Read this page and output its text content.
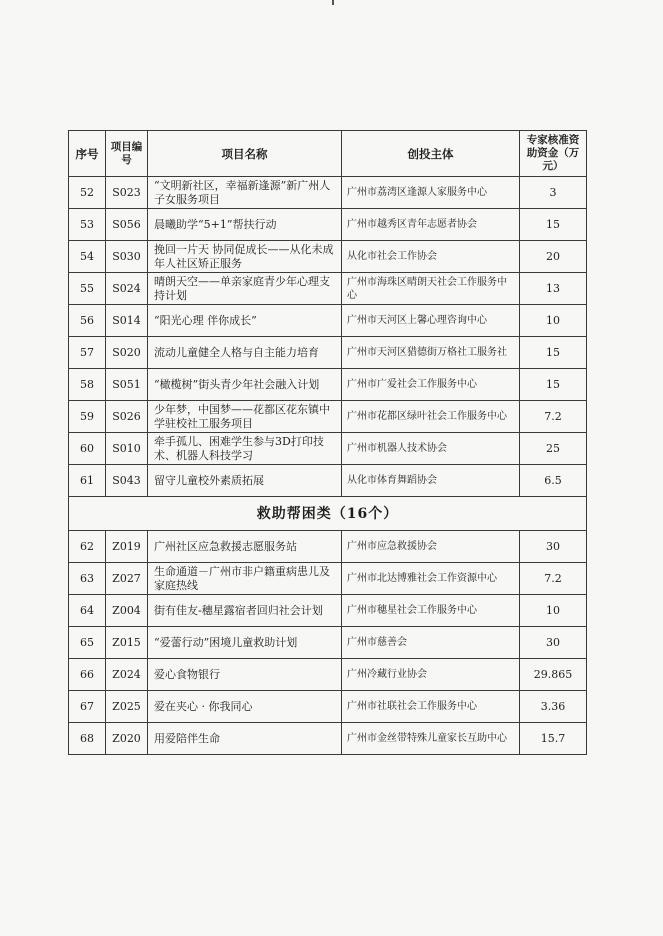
序号	项目编号	项目名称	创投主体	专家核准资助资金（万元）
52	S023	“文明新社区，幸福新逢源”新广州人子女服务项目	广州市荔湾区逢源人家服务中心	3
53	S056	晨曦助学“5+1”帮扶行动	广州市越秀区青年志愿者协会	15
54	S030	挽回一片天 协同促成长——从化未成年人社区矫正服务	从化市社会工作协会	20
55	S024	晴朗天空——单亲家庭青少年心理支持计划	广州市海珠区晴朗天社会工作服务中心	13
56	S014	“阳光心理 伴你成长”	广州市天河区上馨心理咨询中心	10
57	S020	流动儿童健全人格与自主能力培育	广州市天河区猎德街万格社工服务社	15
58	S051	“橄榄树”街头青少年社会融入计划	广州市广爱社会工作服务中心	15
59	S026	少年梦，中国梦——花都区花东镇中学驻校社工服务项目	广州市花都区绿叶社会工作服务中心	7.2
60	S010	牵手孤儿、困难学生参与3D打印技术、机器人科技学习	广州市机器人技术协会	25
61	S043	留守儿童校外素质拓展	从化市体育舞蹈协会	6.5
救助帮困类（16个）				
62	Z019	广州社区应急救援志愿服务站	广州市应急救援协会	30
63	Z027	生命通道－广州市非户籍重病患儿及家庭热线	广州市北达博雅社会工作资源中心	7.2
64	Z004	街有佳友-穗星露宿者回归社会计划	广州市穗星社会工作服务中心	10
65	Z015	“爱蕾行动”困境儿童救助计划	广州市慈善会	30
66	Z024	爱心食物银行	广州冷藏行业协会	29.865
67	Z025	爱在夹心 · 你我同心	广州市社联社会工作服务中心	3.36
68	Z020	用爱陪伴生命	广州市金丝带特殊儿童家长互助中心	15.7
